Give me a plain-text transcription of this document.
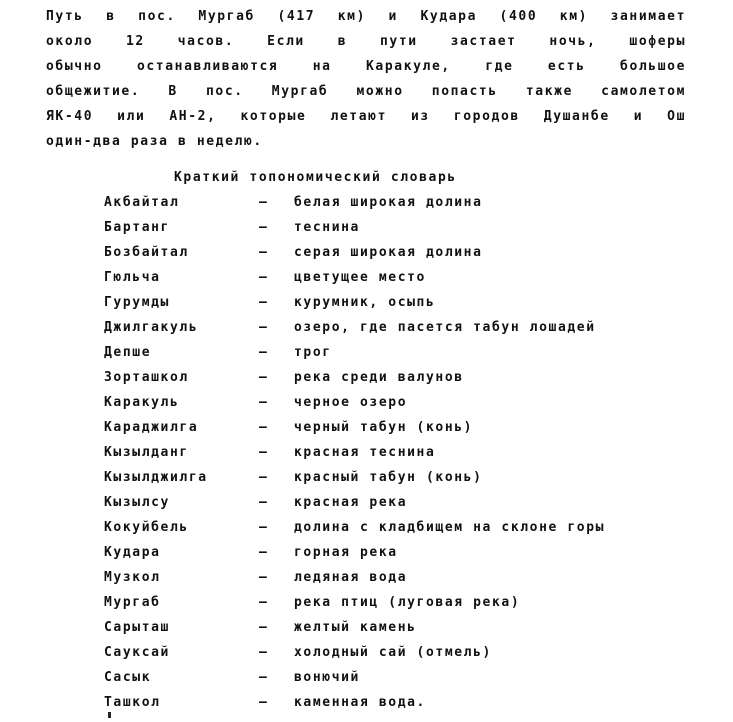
Путь в пос. Мургаб (417 км) и Кудара (400 км) занимает
около 12 часов. Если в пути застает ночь, шоферы
обычно останавливаются на Каракуле, где есть большое
общежитие. В пос. Мургаб можно попасть также самолетом
ЯК-40 или АН-2, которые летают из городов Душанбе и Ош
один-два раза в неделю.
Краткий топономический словарь
Акбайтал	– белая широкая долина
Бартанг	– теснина
Бозбайтал	– серая широкая долина
Гюльча	– цветущее место
Гурумды	– курумник, осыпь
Джилгакуль	– озеро, где пасется табун лошадей
Депше	– трог
Зорташкол	– река среди валунов
Каракуль	– черное озеро
Караджилга	– черный табун (конь)
Кызылданг	– красная теснина
Кызылджилга	– красный табун (конь)
Кызылсу	– красная река
Кокуйбель	– долина с кладбищем на склоне горы
Кудара	– горная река
Музкол	– ледяная вода
Мургаб	– река птиц (луговая река)
Сарыташ	– желтый камень
Сауксай	– холодный сай (отмель)
Сасык	– вонючий
Ташкол	– каменная вода.
